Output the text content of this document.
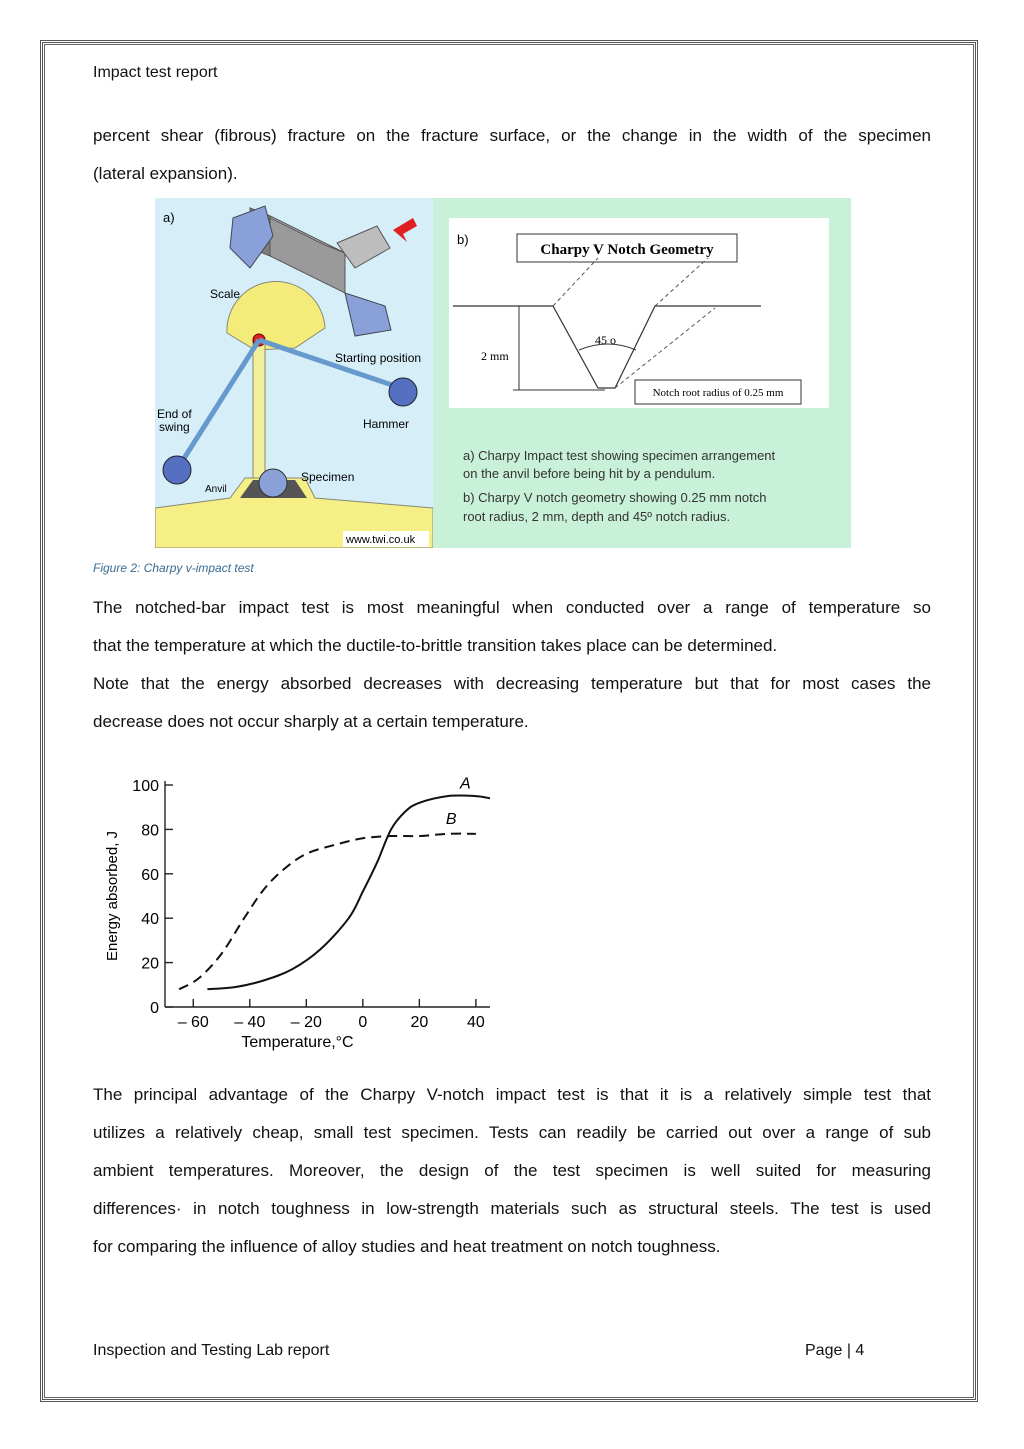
Impact test report
percent shear (fibrous) fracture on the fracture surface, or the change in the width of the specimen
(lateral expansion).
a)
Scale
Starting position
Hammer
End of
swing
Specimen
Anvil
www.twi.co.uk
b)
Charpy V Notch Geometry
45 o
2 mm
Notch root radius of 0.25 mm
a) Charpy Impact test showing specimen arrangement
on the anvil before being hit by a pendulum.
b) Charpy V notch geometry showing 0.25 mm notch
root radius, 2 mm, depth and 45º notch radius.
Figure 2: Charpy v-impact test
The notched-bar impact test is most meaningful when conducted over a range of temperature so
that the temperature at which the ductile-to-brittle transition takes place can be determined.
Note that the energy absorbed decreases with decreasing temperature but that for most cases the
decrease does not occur sharply at a certain temperature.
0
20
40
60
80
100
– 60 – 40 – 20 0	20 40
Temperature,°C
Energy absorbed, J
A
B
The principal advantage of the Charpy V-notch impact test is that it is a relatively simple test that
utilizes a relatively cheap, small test specimen. Tests can readily be carried out over a range of sub
ambient temperatures. Moreover, the design of the test specimen is well suited for measuring
differences· in notch toughness in low-strength materials such as structural steels. The test is used
for comparing the influence of alloy studies and heat treatment on notch toughness.
Inspection and Testing Lab report	Page | 4
